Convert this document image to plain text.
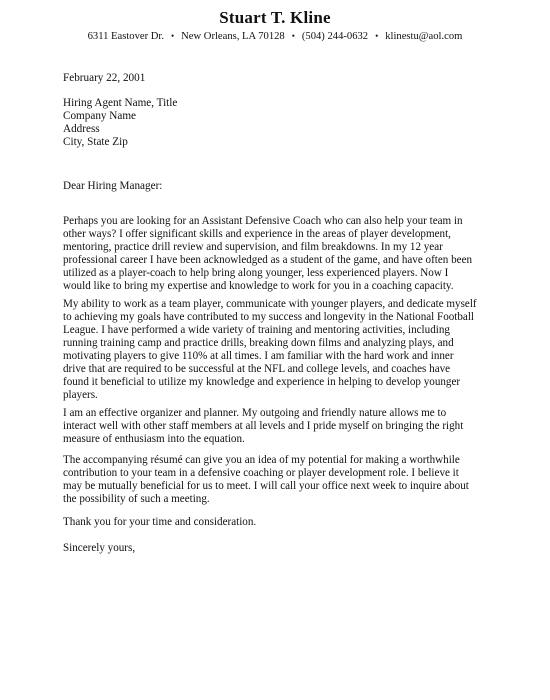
Stuart T. Kline
6311 Eastover Dr. • New Orleans, LA 70128 • (504) 244-0632 • klinestu@aol.com
February 22, 2001
Hiring Agent Name, Title
Company Name
Address
City, State Zip
Dear Hiring Manager:
Perhaps you are looking for an Assistant Defensive Coach who can also help your team in
other ways? I offer significant skills and experience in the areas of player development,
mentoring, practice drill review and supervision, and film breakdowns. In my 12 year
professional career I have been acknowledged as a student of the game, and have often been
utilized as a player-coach to help bring along younger, less experienced players. Now I
would like to bring my expertise and knowledge to work for you in a coaching capacity.
My ability to work as a team player, communicate with younger players, and dedicate myself
to achieving my goals have contributed to my success and longevity in the National Football
League. I have performed a wide variety of training and mentoring activities, including
running training camp and practice drills, breaking down films and analyzing plays, and
motivating players to give 110% at all times. I am familiar with the hard work and inner
drive that are required to be successful at the NFL and college levels, and coaches have
found it beneficial to utilize my knowledge and experience in helping to develop younger
players.
I am an effective organizer and planner. My outgoing and friendly nature allows me to
interact well with other staff members at all levels and I pride myself on bringing the right
measure of enthusiasm into the equation.
The accompanying résumé can give you an idea of my potential for making a worthwhile
contribution to your team in a defensive coaching or player development role. I believe it
may be mutually beneficial for us to meet. I will call your office next week to inquire about
the possibility of such a meeting.
Thank you for your time and consideration.
Sincerely yours,
